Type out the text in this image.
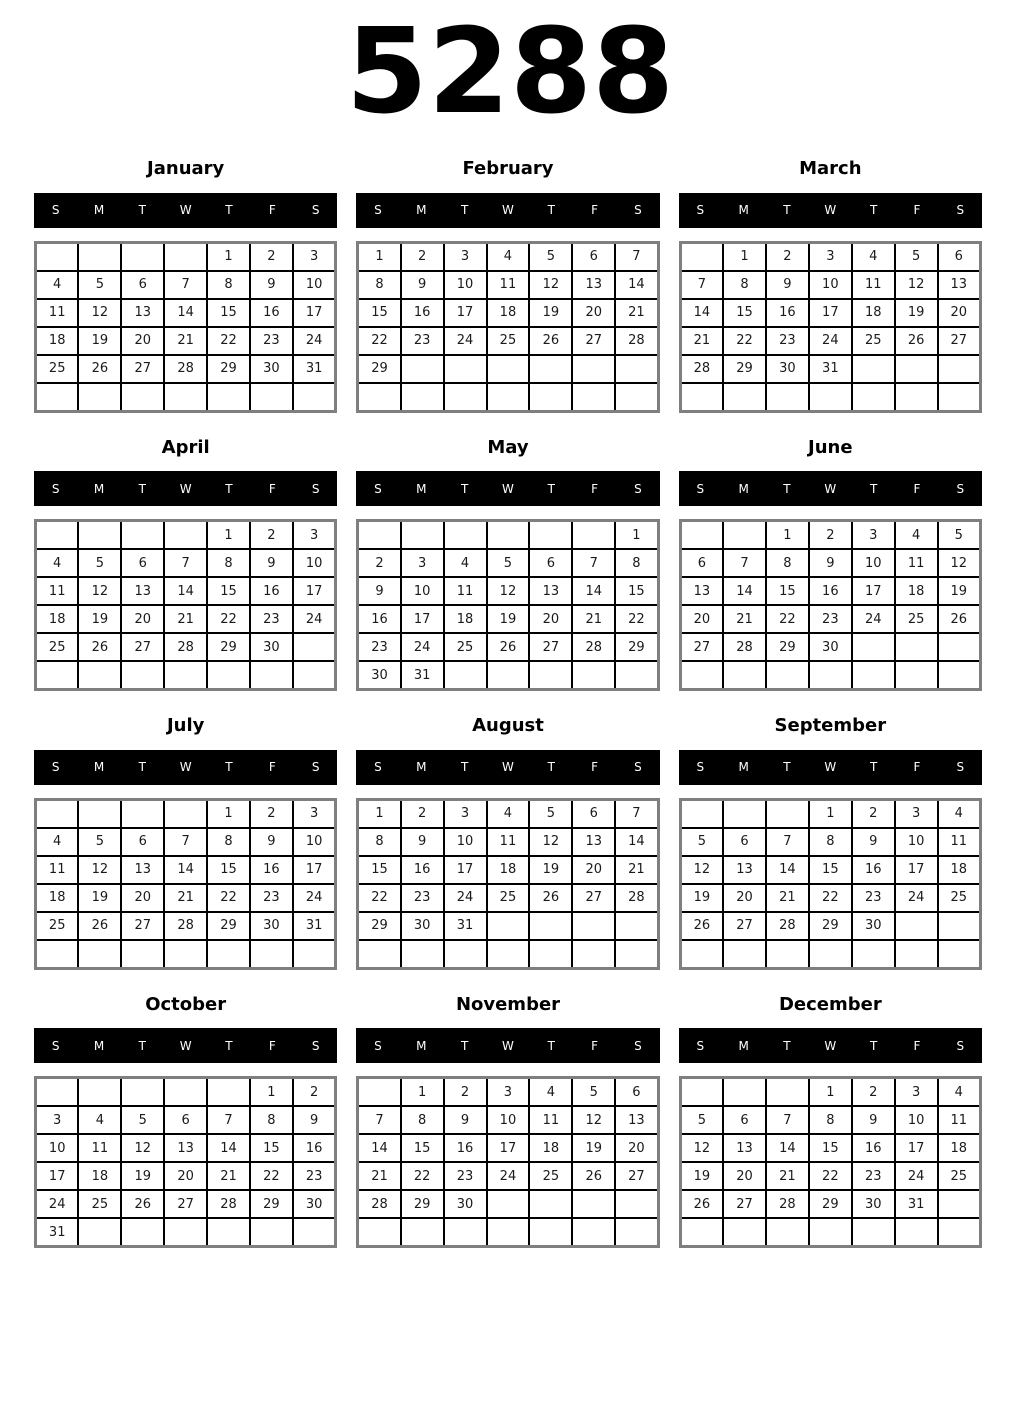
5288
January
S	M	T	W	T	F	S
				1	2	3
4	5	6	7	8	9	10
11	12	13	14	15	16	17
18	19	20	21	22	23	24
25	26	27	28	29	30	31

February
S	M	T	W	T	F	S
1	2	3	4	5	6	7
8	9	10	11	12	13	14
15	16	17	18	19	20	21
22	23	24	25	26	27	28
29						

March
S	M	T	W	T	F	S
	1	2	3	4	5	6
7	8	9	10	11	12	13
14	15	16	17	18	19	20
21	22	23	24	25	26	27
28	29	30	31			

April
S	M	T	W	T	F	S
				1	2	3
4	5	6	7	8	9	10
11	12	13	14	15	16	17
18	19	20	21	22	23	24
25	26	27	28	29	30	

May
S	M	T	W	T	F	S
						1
2	3	4	5	6	7	8
9	10	11	12	13	14	15
16	17	18	19	20	21	22
23	24	25	26	27	28	29
30	31					
June
S	M	T	W	T	F	S
		1	2	3	4	5
6	7	8	9	10	11	12
13	14	15	16	17	18	19
20	21	22	23	24	25	26
27	28	29	30			

July
S	M	T	W	T	F	S
				1	2	3
4	5	6	7	8	9	10
11	12	13	14	15	16	17
18	19	20	21	22	23	24
25	26	27	28	29	30	31

August
S	M	T	W	T	F	S
1	2	3	4	5	6	7
8	9	10	11	12	13	14
15	16	17	18	19	20	21
22	23	24	25	26	27	28
29	30	31				

September
S	M	T	W	T	F	S
			1	2	3	4
5	6	7	8	9	10	11
12	13	14	15	16	17	18
19	20	21	22	23	24	25
26	27	28	29	30		

October
S	M	T	W	T	F	S
					1	2
3	4	5	6	7	8	9
10	11	12	13	14	15	16
17	18	19	20	21	22	23
24	25	26	27	28	29	30
31						
November
S	M	T	W	T	F	S
	1	2	3	4	5	6
7	8	9	10	11	12	13
14	15	16	17	18	19	20
21	22	23	24	25	26	27
28	29	30				

December
S	M	T	W	T	F	S
			1	2	3	4
5	6	7	8	9	10	11
12	13	14	15	16	17	18
19	20	21	22	23	24	25
26	27	28	29	30	31	
